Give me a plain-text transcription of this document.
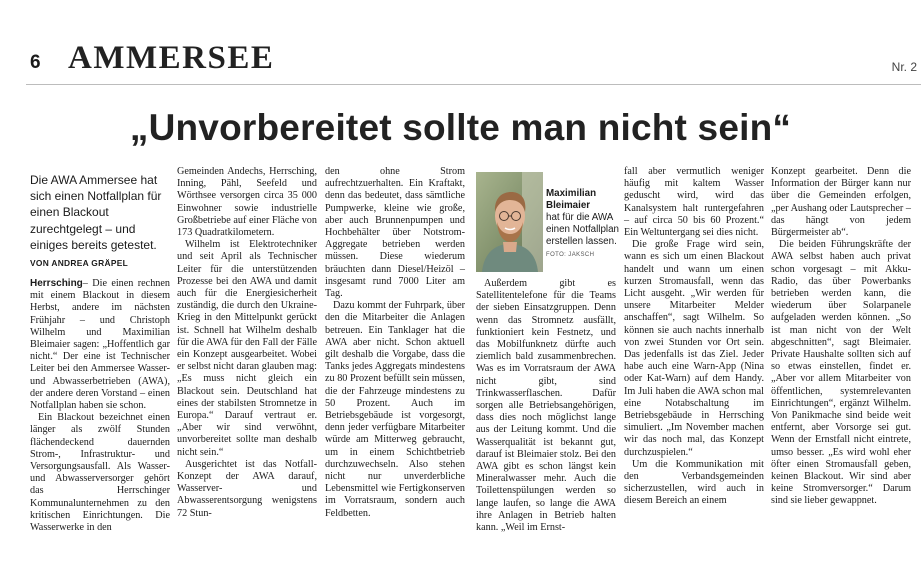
6 AMMERSEE	Nr. 2
„Unvorbereitet sollte man nicht sein“
Die AWA Ammersee hat sich einen Notfallplan für einen Blackout zurechtgelegt – und einiges bereits getestet.
VON ANDREA GRÄPEL

Herrsching– Die einen rechnen mit einem Blackout in diesem Herbst, andere im nächsten Frühjahr – und Christoph Wilhelm und Maximilian Bleimaier sagen: „Hoffentlich gar nicht.“ Der eine ist Technischer Leiter bei den Ammersee Wasser- und Abwasserbetrieben (AWA), der andere deren Vorstand – einen Notfallplan haben sie schon.

Ein Blackout bezeichnet einen länger als zwölf Stunden flächendeckend dauernden Strom-, Infrastruktur- und Versorgungsausfall. Als Wasser- und Abwasserversorger gehört das Herrschinger Kommunalunternehmen zu den kritischen Einrichtungen. Die Wasserwerke in den

Gemeinden Andechs, Herrsching, Inning, Pähl, Seefeld und Wörthsee versorgen circa 35 000 Einwohner sowie industrielle Großbetriebe auf einer Fläche von 173 Quadratkilometern.

Wilhelm ist Elektrotechniker und seit April als Technischer Leiter für die unterstützenden Prozesse bei den AWA und damit auch für die Energiesicherheit zuständig, die durch den Ukraine-Krieg in den Mittelpunkt gerückt ist. Schnell hat Wilhelm deshalb für die AWA für den Fall der Fälle ein Konzept ausgearbeitet. Wobei er selbst nicht daran glauben mag: „Es muss nicht gleich ein Blackout sein. Deutschland hat eines der stabilsten Stromnetze in Europa.“ Darauf vertraut er. „Aber wir sind verwöhnt, unvorbereitet sollte man deshalb nicht sein.“

Ausgerichtet ist das Notfall-Konzept der AWA darauf, Wasserver- und Abwasserentsorgung wenigstens 72 Stun-

den ohne Strom aufrechtzuerhalten. Ein Kraftakt, denn das bedeutet, dass sämtliche Pumpwerke, kleine wie große, aber auch Brunnenpumpen und Hochbehälter über Notstrom-Aggregate betrieben werden müssen. Diese wiederum bräuchten dann Diesel/Heizöl – insgesamt rund 7000 Liter am Tag.

Dazu kommt der Fuhrpark, über den die Mitarbeiter die Anlagen betreuen. Ein Tanklager hat die AWA aber nicht. Schon aktuell gilt deshalb die Vorgabe, dass die Tanks jedes Aggregats mindestens zu 80 Prozent befüllt sein müssen, die der Fahrzeuge mindestens zu 50 Prozent. Auch im Betriebsgebäude ist vorgesorgt, denn jeder verfügbare Mitarbeiter würde am Mitterweg gebraucht, um in einem Schichtbetrieb durchzuwechseln. Also stehen nicht nur unverderbliche Lebensmittel wie Fertigkonserven im Vorratsraum, sondern auch Feldbetten.

Maximilian Bleimaier
hat für die AWA einen Notfallplan erstellen lassen.
FOTO: JAKSCH

Außerdem gibt es Satellitentelefone für die Teams der sieben Einsatzgruppen. Denn wenn das Stromnetz ausfällt, funktioniert kein Festnetz, und das Mobilfunknetz dürfte auch ziemlich bald zusammenbrechen. Was es im Vorratsraum der AWA nicht gibt, sind Trinkwasserflaschen. Dafür sorgen alle Betriebsangehörigen, dass dies noch möglichst lange aus der Leitung kommt. Und die Wasserqualität ist bekannt gut, darauf ist Bleimaier stolz. Bei den AWA gibt es schon längst kein Mineralwasser mehr. Auch die Toilettenspülungen werden so lange laufen, so lange die AWA ihre Anlagen in Betrieb halten kann. „Weil im Ernst-

fall aber vermutlich weniger häufig mit kaltem Wasser geduscht wird, wird das Kanalsystem halt runtergefahren – auf circa 50 bis 60 Prozent.“ Ein Weltuntergang sei dies nicht.

Die große Frage wird sein, wann es sich um einen Blackout handelt und wann um einen kurzen Stromausfall, wenn das Licht ausgeht. „Wir werden für unsere Mitarbeiter Melder anschaffen“, sagt Wilhelm. So können sie auch nachts innerhalb von zwei Stunden vor Ort sein. Das jedenfalls ist das Ziel. Jeder habe auch eine Warn-App (Nina oder Kat-Warn) auf dem Handy. Im Juli haben die AWA schon mal eine Notabschaltung im Betriebsgebäude in Herrsching simuliert. „Im November machen wir das noch mal, das Konzept durchzuspielen.“

Um die Kommunikation mit den Verbandsgemeinden sicherzustellen, wird auch in diesem Bereich an einem

Konzept gearbeitet. Denn die Information der Bürger kann nur über die Gemeinden erfolgen, „per Aushang oder Lautsprecher – das hängt von jedem Bürgermeister ab“.

Die beiden Führungskräfte der AWA selbst haben auch privat schon vorgesagt – mit Akku-Radio, das über Powerbanks betrieben werden kann, die wiederum über Solarpanele aufgeladen werden können. „So ist man nicht von der Welt abgeschnitten“, sagt Bleimaier. Private Haushalte sollten sich auf so etwas einstellen, findet er. „Aber vor allem Mitarbeiter von öffentlichen, systemrelevanten Einrichtungen“, ergänzt Wilhelm. Von Panikmache sind beide weit entfernt, aber Vorsorge sei gut. Wenn der Ernstfall nicht eintrete, umso besser. „Es wird wohl eher öfter einen Stromausfall geben, keinen Blackout. Wir sind aber keine Stromversorger.“ Darum sind sie lieber gewappnet.
